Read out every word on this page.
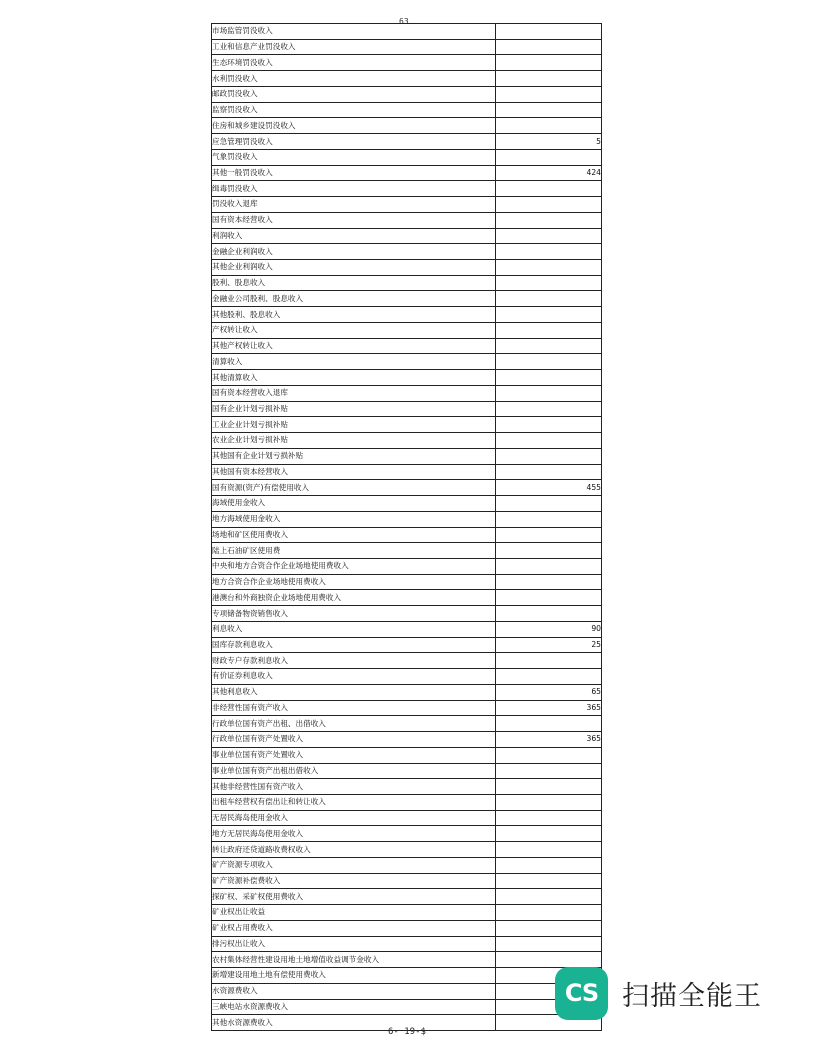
63
市场监管罚没收入	
工业和信息产业罚没收入	
生态环境罚没收入	
水利罚没收入	
邮政罚没收入	
监察罚没收入	
住房和城乡建设罚没收入	
应急管理罚没收入	5
气象罚没收入	
其他一般罚没收入	424
缉毒罚没收入	
罚没收入退库	
国有资本经营收入	
利润收入	
金融企业利润收入	
其他企业利润收入	
股利、股息收入	
金融业公司股利、股息收入	
其他股利、股息收入	
产权转让收入	
其他产权转让收入	
清算收入	
其他清算收入	
国有资本经营收入退库	
国有企业计划亏损补贴	
工业企业计划亏损补贴	
农业企业计划亏损补贴	
其他国有企业计划亏损补贴	
其他国有资本经营收入	
国有资源(资产)有偿使用收入	455
海域使用金收入	
地方海域使用金收入	
场地和矿区使用费收入	
陆上石油矿区使用费	
中央和地方合资合作企业场地使用费收入	
地方合资合作企业场地使用费收入	
港澳台和外商独资企业场地使用费收入	
专项储备物资销售收入	
利息收入	90
国库存款利息收入	25
财政专户存款利息收入	
有价证券利息收入	
其他利息收入	65
非经营性国有资产收入	365
行政单位国有资产出租、出借收入	
行政单位国有资产处置收入	365
事业单位国有资产处置收入	
事业单位国有资产出租出借收入	
其他非经营性国有资产收入	
出租车经营权有偿出让和转让收入	
无居民海岛使用金收入	
地方无居民海岛使用金收入	
转让政府还贷道路收费权收入	
矿产资源专项收入	
矿产资源补偿费收入	
探矿权、采矿权使用费收入	
矿业权出让收益	
矿业权占用费收入	
排污权出让收入	
农村集体经营性建设用地土地增值收益调节金收入	
新增建设用地土地有偿使用费收入	
水资源费收入	
三峡电站水资源费收入	
其他水资源费收入	
6- 19-$
CS 扫描全能王
